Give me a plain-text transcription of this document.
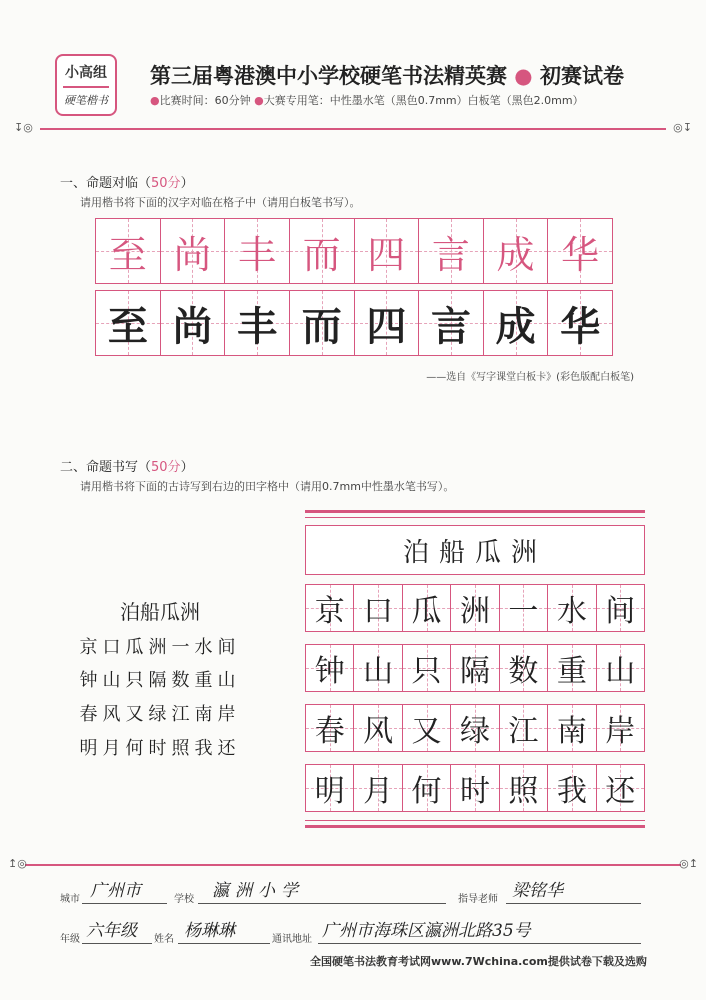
小高组
硬笔楷书
第三届粤港澳中小学校硬笔书法精英赛 ● 初赛试卷
●比赛时间：60分钟 ●大赛专用笔：中性墨水笔（黑色0.7mm）白板笔（黑色2.0mm）
↧◎	◎↧
一、命题对临（50分）
请用楷书将下面的汉字对临在格子中（请用白板笔书写）。
至 尚 丰 而 四 言 成 华
至 尚 丰 而 四 言 成 华
——选自《写字课堂白板卡》(彩色版配白板笔)
二、命题书写（50分）
请用楷书将下面的古诗写到右边的田字格中（请用0.7mm中性墨水笔书写）。
泊船瓜洲
京口瓜洲一水间
钟山只隔数重山
春风又绿江南岸
明月何时照我还
泊船瓜洲
京 口 瓜 洲 一 水 间
钟 山 只 隔 数 重 山
春 风 又 绿 江 南 岸
明 月 何 时 照 我 还
↥◎	◎↥
城市 广州市	学校 瀛洲小学	指导老师 梁铭华
年级 六年级 姓名 杨琳琳	通讯地址 广州市海珠区瀛洲北路35号
全国硬笔书法教育考试网www.7Wchina.com提供试卷下载及选购
